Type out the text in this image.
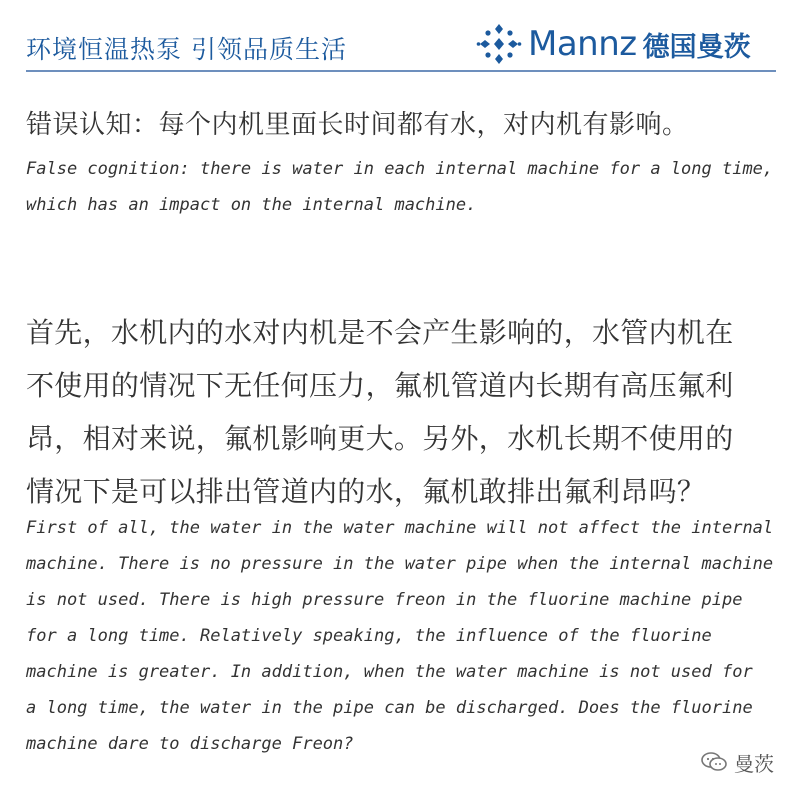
环境恒温热泵 引领品质生活	Mannz 德国曼茨
错误认知：每个内机里面长时间都有水，对内机有影响。
False cognition: there is water in each internal machine for a long time,
which has an impact on the internal machine.
首先，水机内的水对内机是不会产生影响的，水管内机在
不使用的情况下无任何压力，氟机管道内长期有高压氟利
昂，相对来说，氟机影响更大。另外，水机长期不使用的
情况下是可以排出管道内的水，氟机敢排出氟利昂吗？
First of all, the water in the water machine will not affect the internal
machine. There is no pressure in the water pipe when the internal machine
is not used. There is high pressure freon in the fluorine machine pipe
for a long time. Relatively speaking, the influence of the fluorine
machine is greater. In addition, when the water machine is not used for
a long time, the water in the pipe can be discharged. Does the fluorine
machine dare to discharge Freon?
曼茨
